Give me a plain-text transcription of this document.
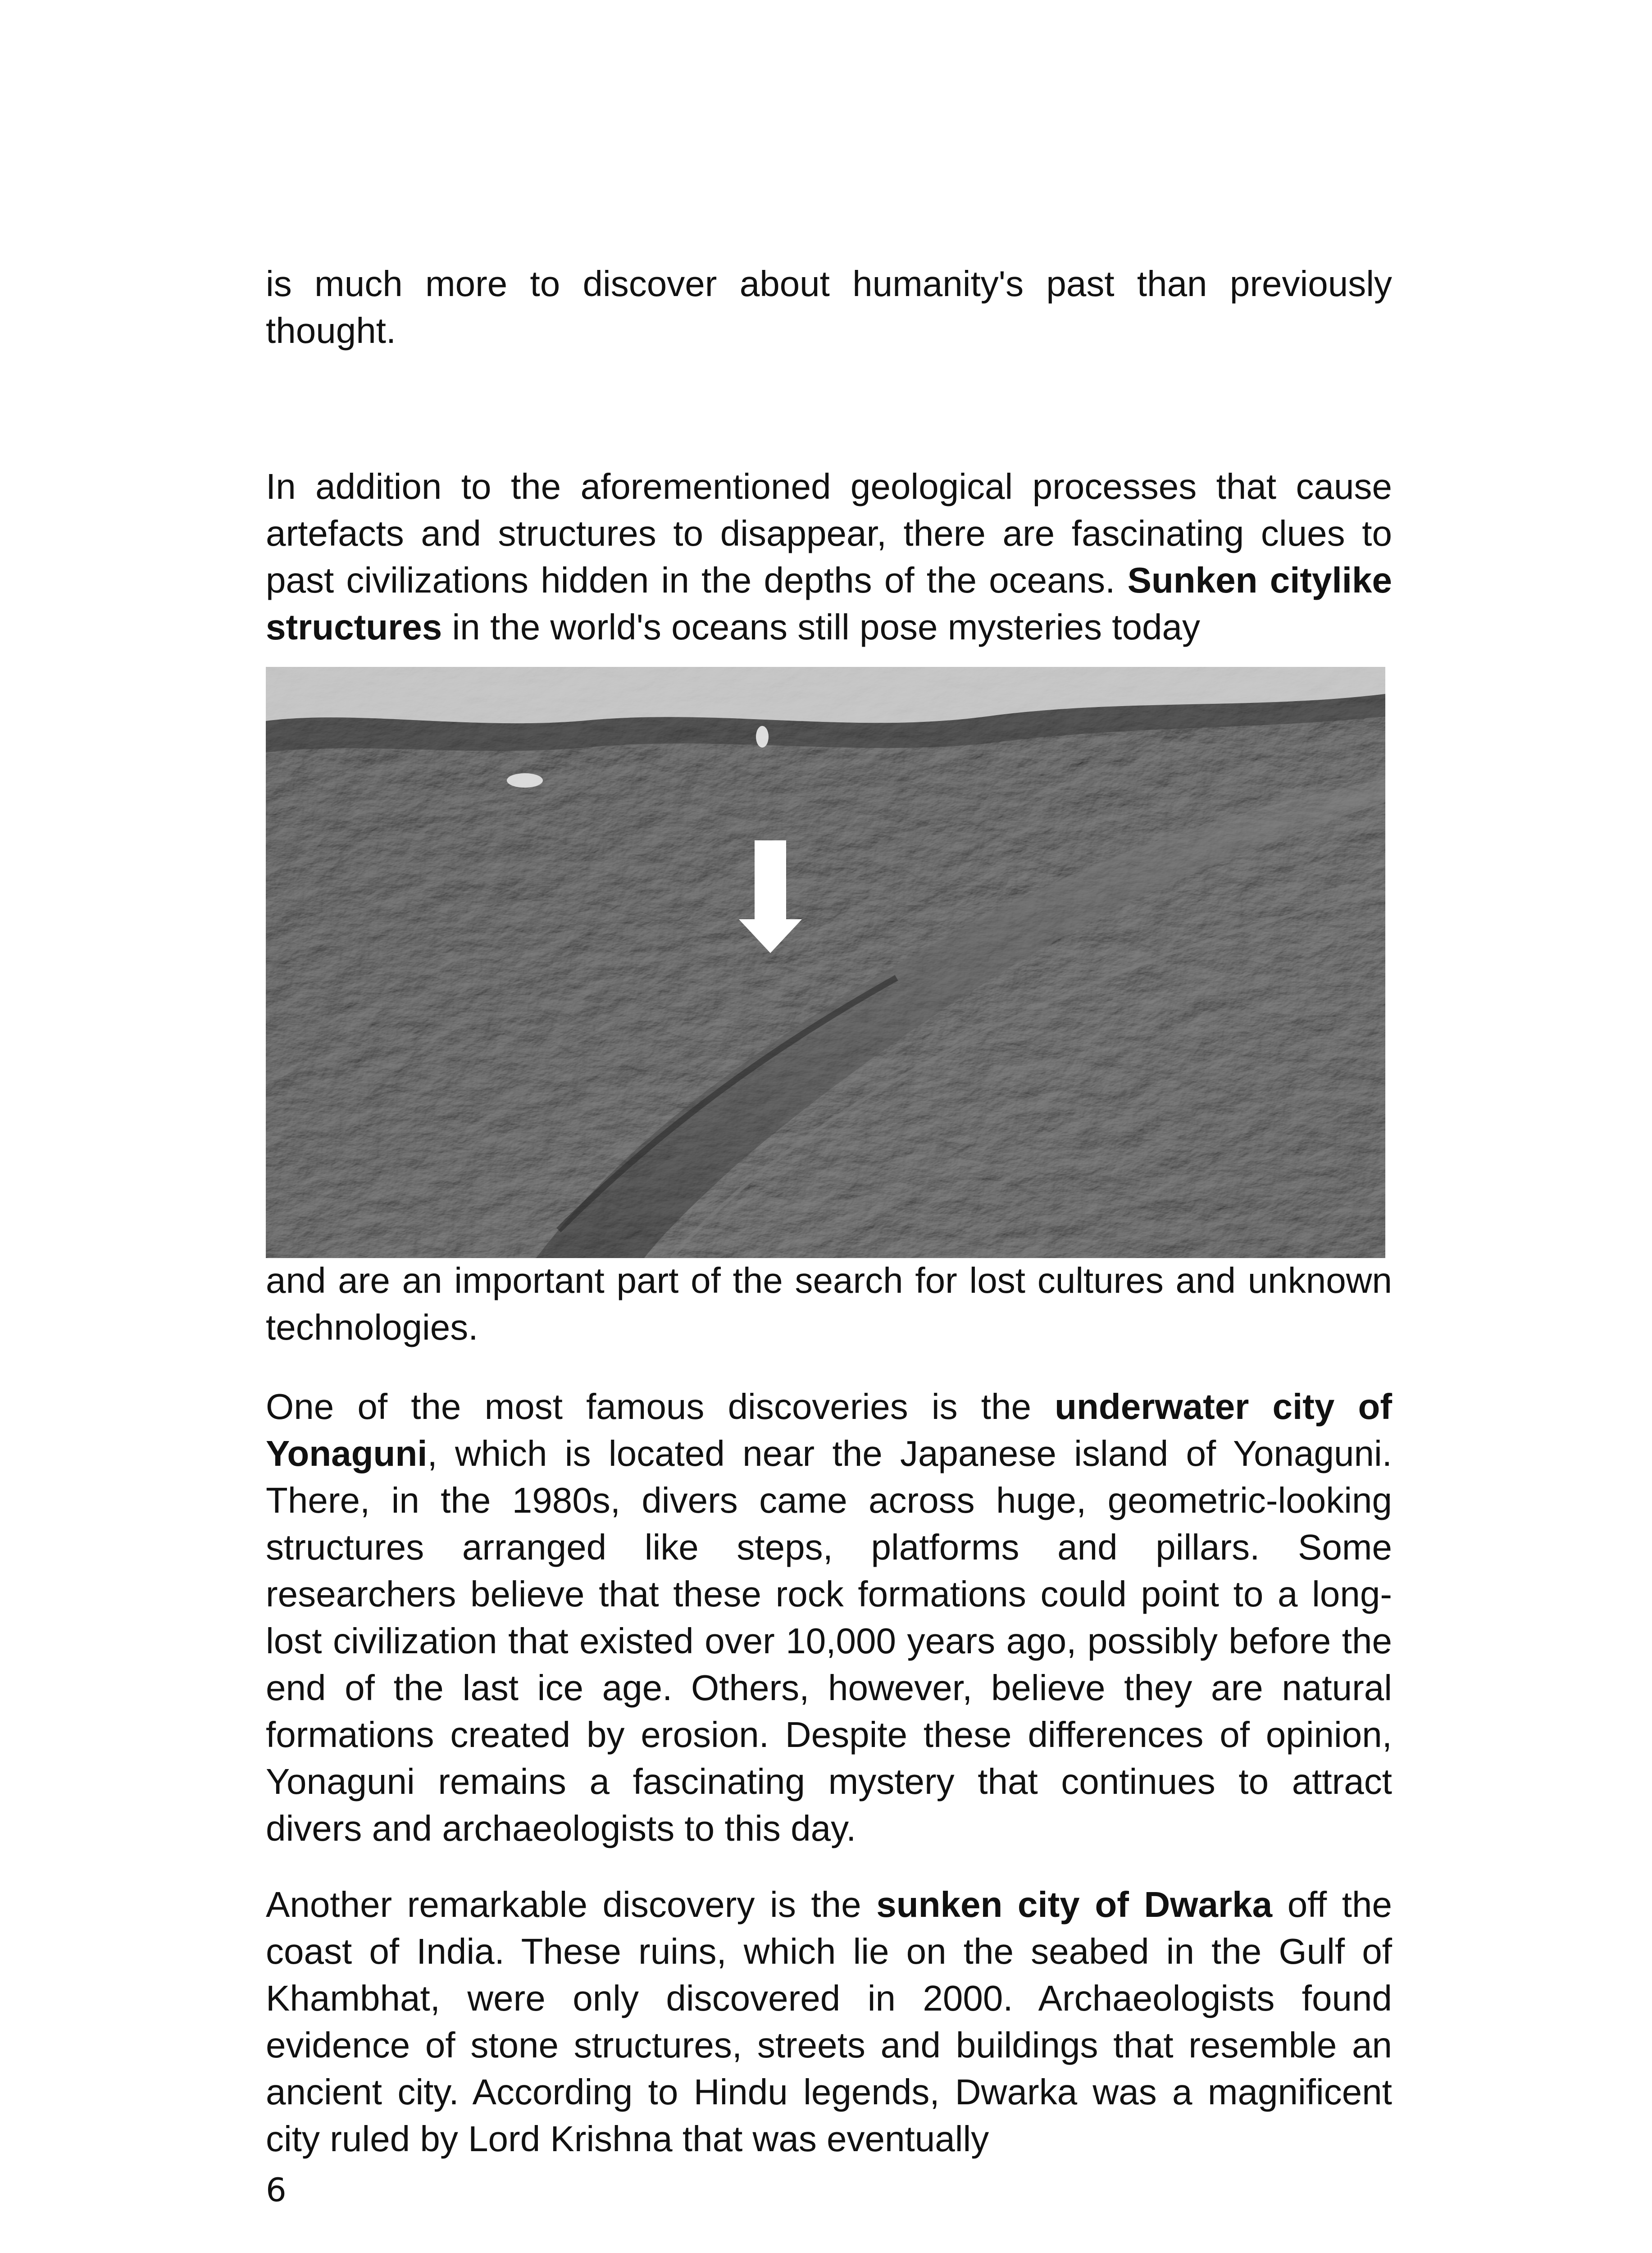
is much more to discover about humanity's past than previously thought.

In addition to the aforementioned geological processes that cause artefacts and structures to disappear, there are fascinating clues to past civilizations hidden in the depths of the oceans. Sunken citylike structures in the world's oceans still pose mysteries today

and are an important part of the search for lost cultures and unknown technologies.

One of the most famous discoveries is the underwater city of Yonaguni, which is located near the Japanese island of Yonaguni. There, in the 1980s, divers came across huge, geometric-looking structures arranged like steps, platforms and pillars. Some researchers believe that these rock formations could point to a long-lost civilization that existed over 10,000 years ago, possibly before the end of the last ice age. Others, however, believe they are natural formations created by erosion. Despite these differences of opinion, Yonaguni remains a fascinating mystery that continues to attract divers and archaeologists to this day.

Another remarkable discovery is the sunken city of Dwarka off the coast of India. These ruins, which lie on the seabed in the Gulf of Khambhat, were only discovered in 2000. Archaeologists found evidence of stone structures, streets and buildings that resemble an ancient city. According to Hindu legends, Dwarka was a magnificent city ruled by Lord Krishna that was eventually

6
